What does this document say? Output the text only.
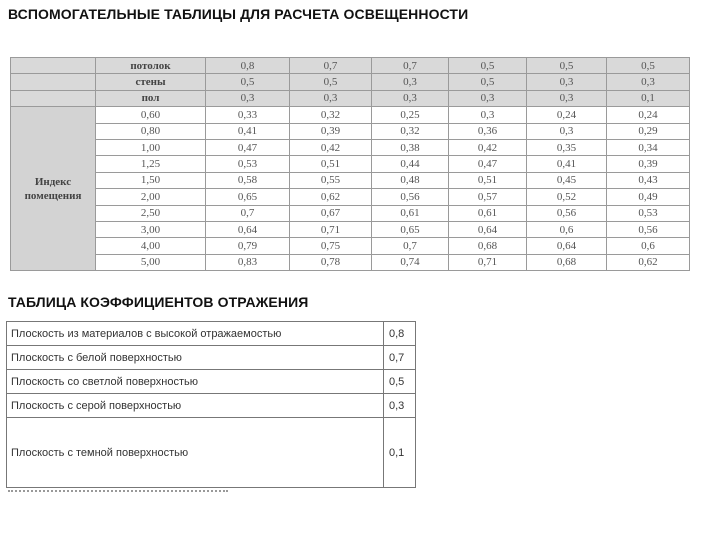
ВСПОМОГАТЕЛЬНЫЕ ТАБЛИЦЫ ДЛЯ РАСЧЕТА ОСВЕЩЕННОСТИ
	потолок	0,8	0,7	0,7	0,5	0,5	0,5
	стены	0,5	0,5	0,3	0,5	0,3	0,3
	пол	0,3	0,3	0,3	0,3	0,3	0,1
Индекс
помещения	0,60	0,33	0,32	0,25	0,3	0,24	0,24
	0,80	0,41	0,39	0,32	0,36	0,3	0,29
	1,00	0,47	0,42	0,38	0,42	0,35	0,34
	1,25	0,53	0,51	0,44	0,47	0,41	0,39
	1,50	0,58	0,55	0,48	0,51	0,45	0,43
	2,00	0,65	0,62	0,56	0,57	0,52	0,49
	2,50	0,7	0,67	0,61	0,61	0,56	0,53
	3,00	0,64	0,71	0,65	0,64	0,6	0,56
	4,00	0,79	0,75	0,7	0,68	0,64	0,6
	5,00	0,83	0,78	0,74	0,71	0,68	0,62
ТАБЛИЦА КОЭФФИЦИЕНТОВ ОТРАЖЕНИЯ
Плоскость из материалов с высокой отражаемостью	0,8
Плоскость с белой поверхностью	0,7
Плоскость со светлой поверхностью	0,5
Плоскость с серой поверхностью	0,3
Плоскость с темной поверхностью	0,1
